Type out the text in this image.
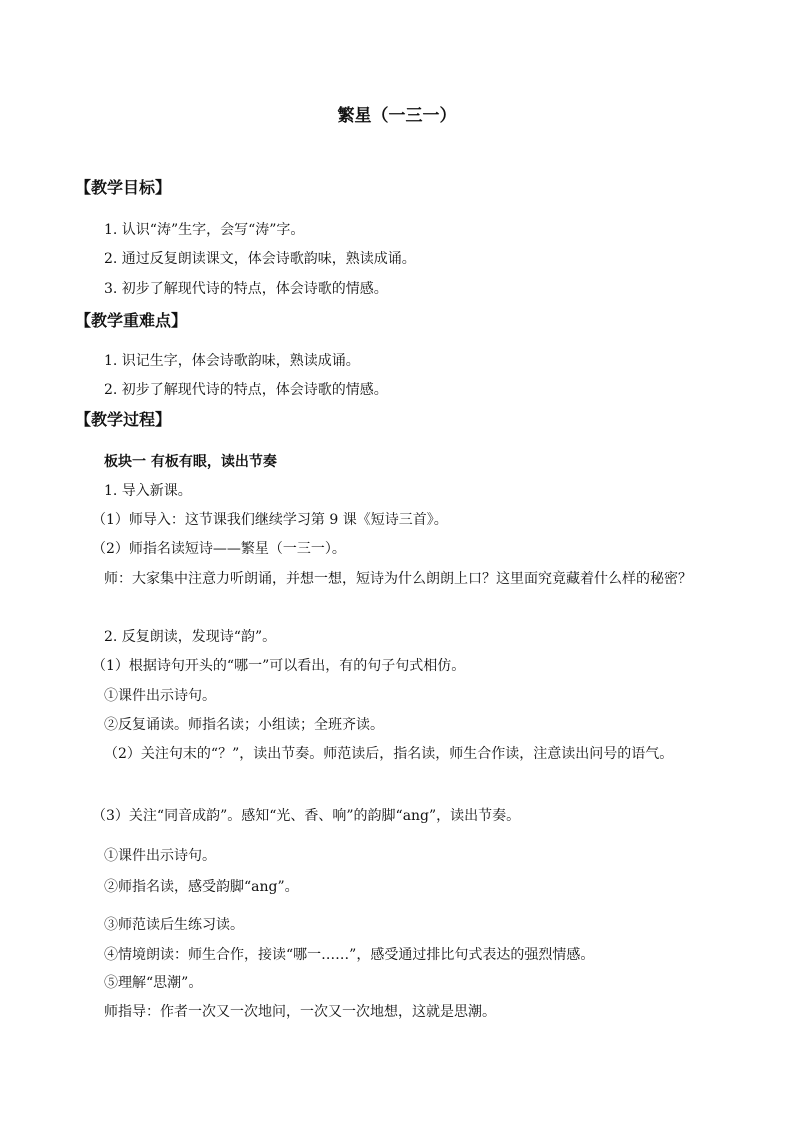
繁星（一三一）
【教学目标】
1. 认识“涛”生字，会写“涛”字。
2. 通过反复朗读课文，体会诗歌韵味，熟读成诵。
3. 初步了解现代诗的特点，体会诗歌的情感。
【教学重难点】
1. 识记生字，体会诗歌韵味，熟读成诵。
2. 初步了解现代诗的特点，体会诗歌的情感。
【教学过程】
板块一 有板有眼，读出节奏
1. 导入新课。
（1）师导入：这节课我们继续学习第 9 课《短诗三首》。
（2）师指名读短诗——繁星（一三一）。
师：大家集中注意力听朗诵，并想一想，短诗为什么朗朗上口？这里面究竟藏着什么样的秘密？
2. 反复朗读，发现诗“韵”。
（1）根据诗句开头的“哪一”可以看出，有的句子句式相仿。
①课件出示诗句。
②反复诵读。师指名读；小组读；全班齐读。
（2）关注句末的“？”，读出节奏。师范读后，指名读，师生合作读，注意读出问号的语气。
（3）关注“同音成韵”。感知“光、香、响”的韵脚“ang”，读出节奏。
①课件出示诗句。
②师指名读，感受韵脚“ang”。
③师范读后生练习读。
④情境朗读：师生合作，接读“哪一……”，感受通过排比句式表达的强烈情感。
⑤理解“思潮”。
师指导：作者一次又一次地问，一次又一次地想，这就是思潮。
